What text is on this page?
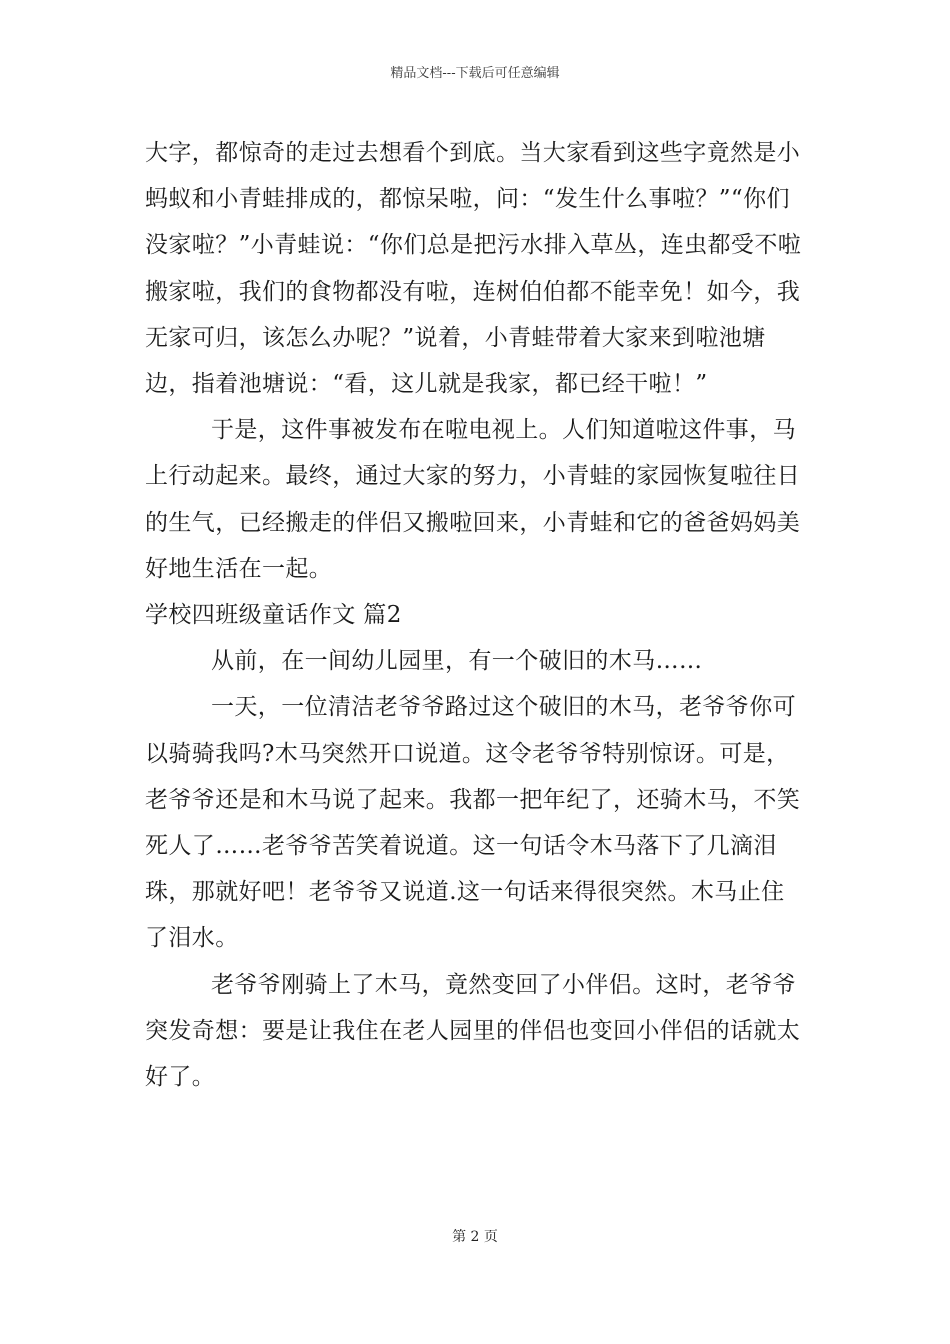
精品文档---下载后可任意编辑

大字，都惊奇的走过去想看个到底。当大家看到这些字竟然是小蚂蚁和小青蛙排成的，都惊呆啦，问：“发生什么事啦？”“你们没家啦？”小青蛙说：“你们总是把污水排入草丛，连虫都受不啦搬家啦，我们的食物都没有啦，连树伯伯都不能幸免！如今，我无家可归，该怎么办呢？”说着，小青蛙带着大家来到啦池塘边，指着池塘说：“看，这儿就是我家，都已经干啦！”

于是，这件事被发布在啦电视上。人们知道啦这件事，马上行动起来。最终，通过大家的努力，小青蛙的家园恢复啦往日的生气，已经搬走的伴侣又搬啦回来，小青蛙和它的爸爸妈妈美好地生活在一起。

学校四班级童话作文 篇2

从前，在一间幼儿园里，有一个破旧的木马……

一天，一位清洁老爷爷路过这个破旧的木马，老爷爷你可以骑骑我吗?木马突然开口说道。这令老爷爷特别惊讶。可是，老爷爷还是和木马说了起来。我都一把年纪了，还骑木马，不笑死人了……老爷爷苦笑着说道。这一句话令木马落下了几滴泪珠，那就好吧！老爷爷又说道.这一句话来得很突然。木马止住了泪水。

老爷爷刚骑上了木马，竟然变回了小伴侣。这时，老爷爷突发奇想：要是让我住在老人园里的伴侣也变回小伴侣的话就太好了。

第 2 页
